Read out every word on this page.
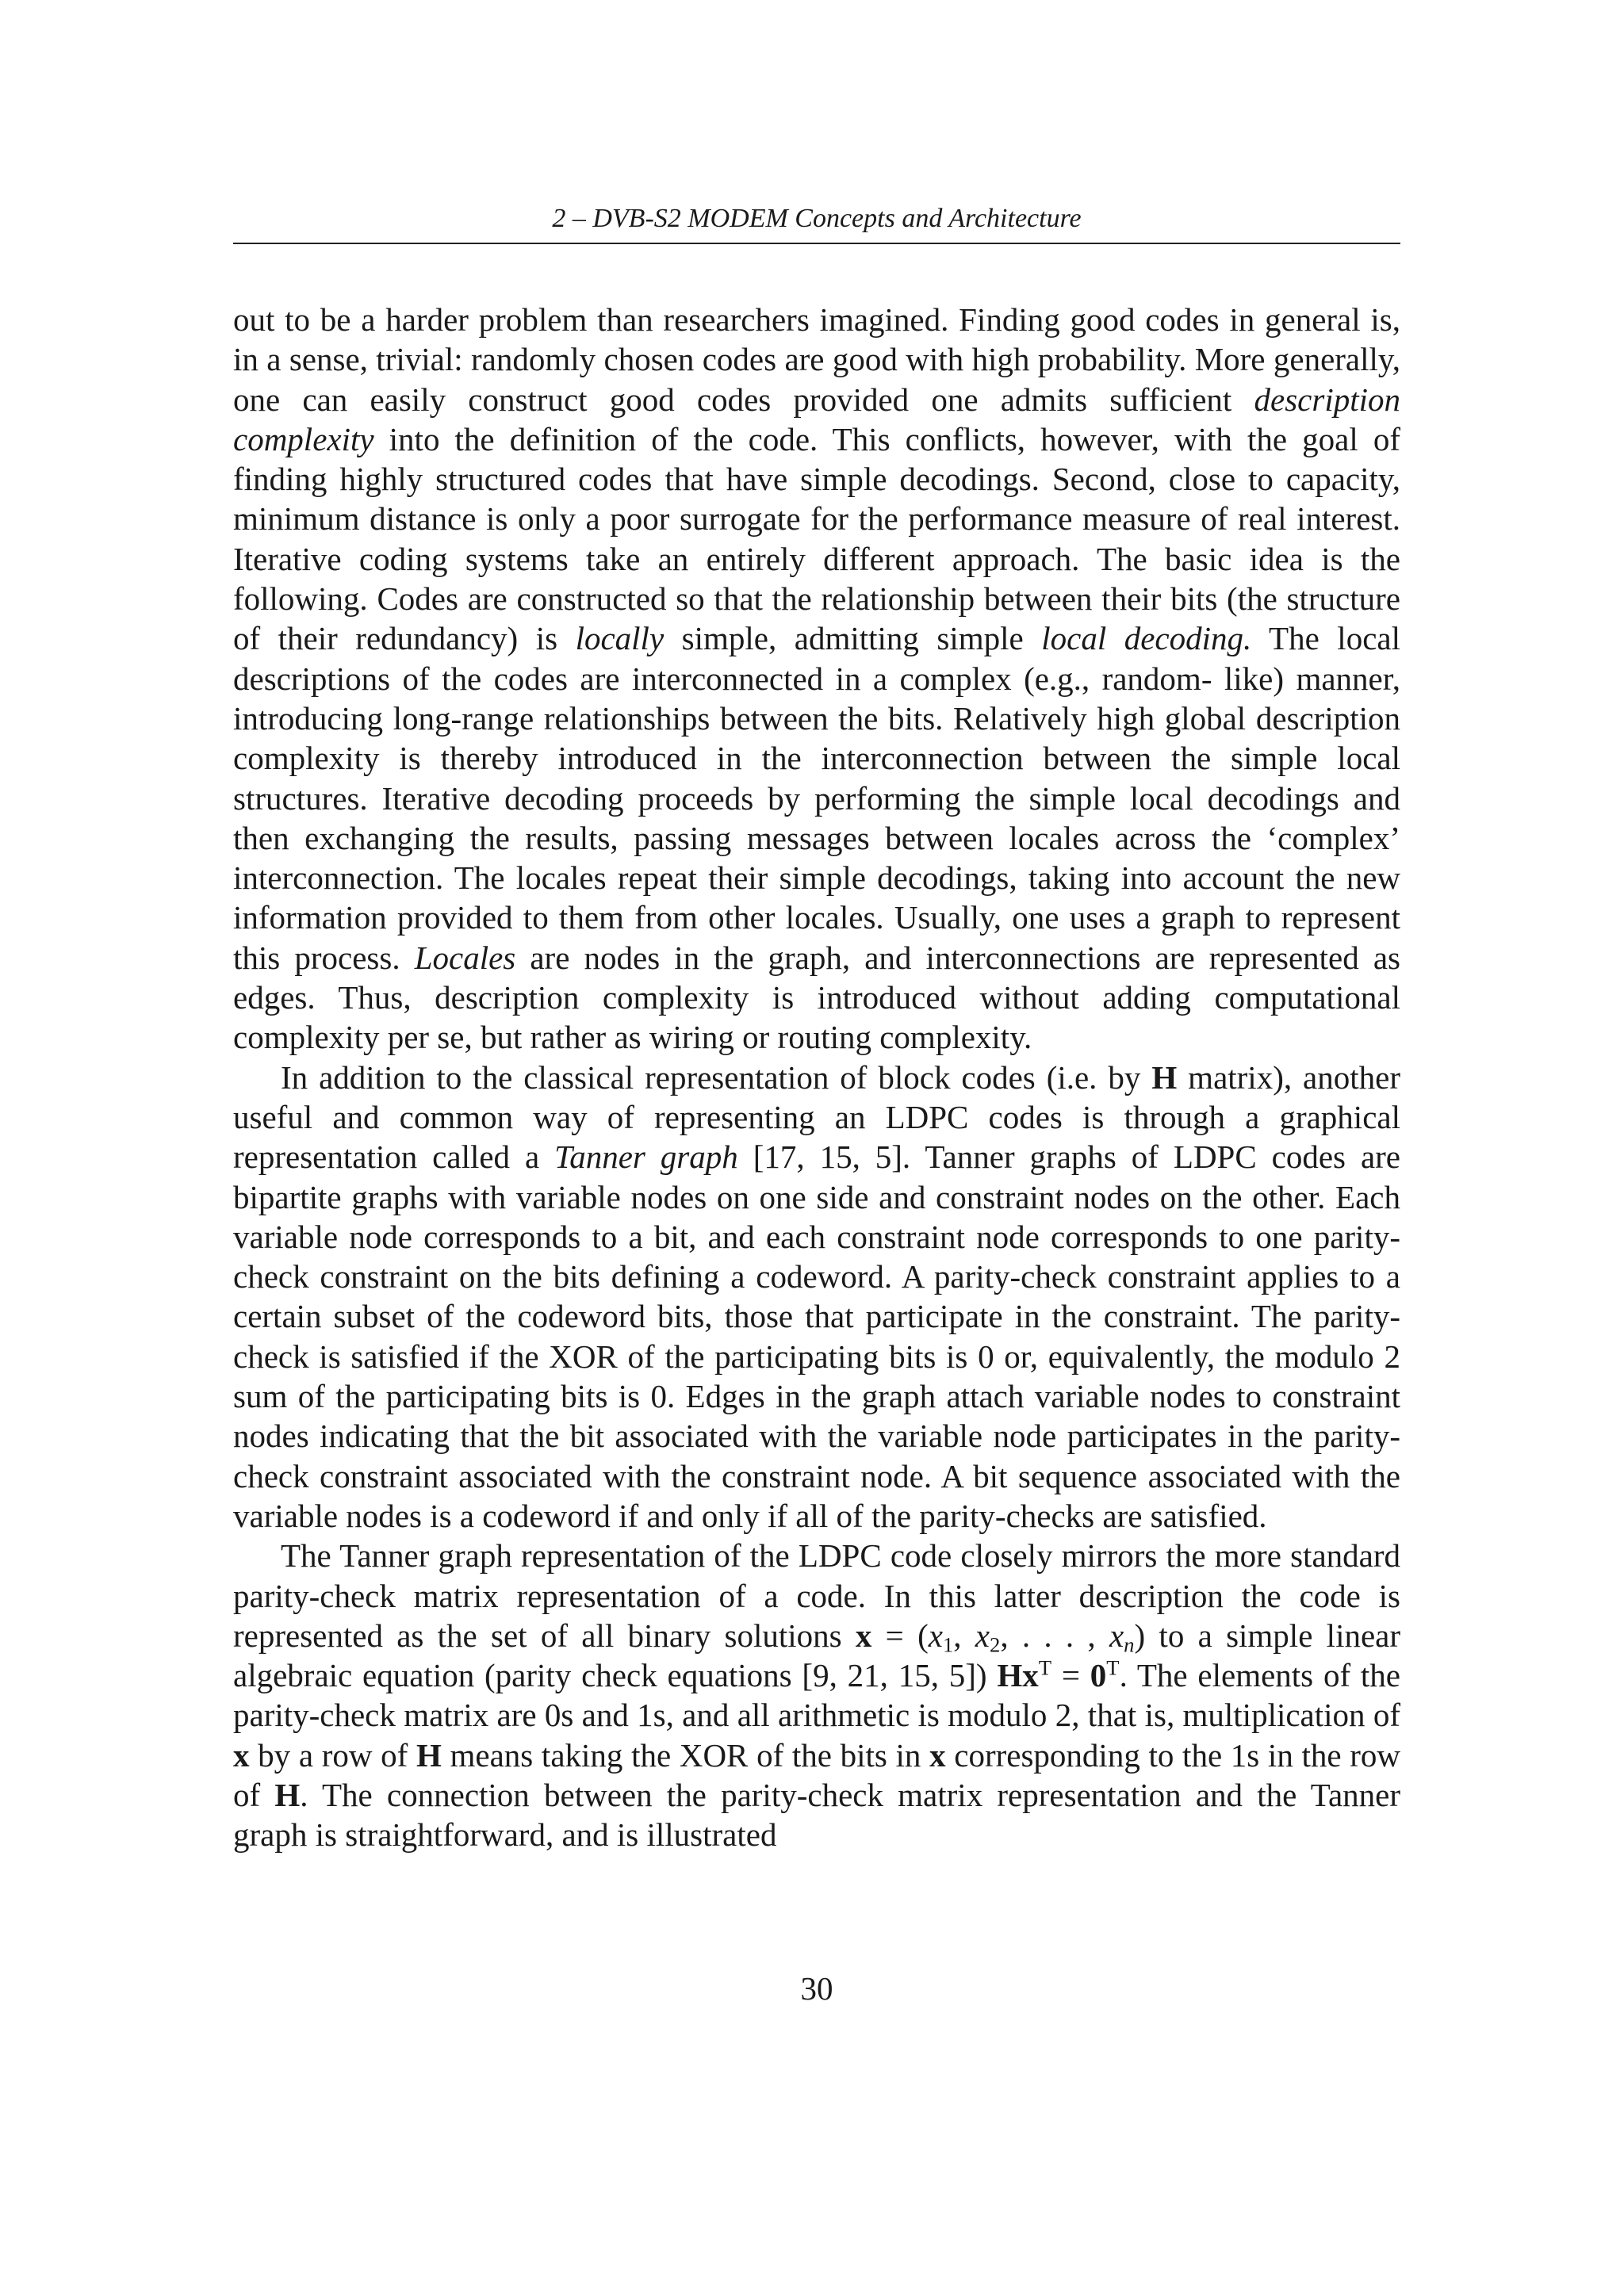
2 – DVB-S2 MODEM Concepts and Architecture

out to be a harder problem than researchers imagined. Finding good codes in general is, in a sense, trivial: randomly chosen codes are good with high probability. More generally, one can easily construct good codes provided one admits sufficient description complexity into the definition of the code. This conflicts, however, with the goal of finding highly structured codes that have simple decodings. Second, close to capacity, minimum distance is only a poor surrogate for the performance measure of real interest. Iterative coding systems take an entirely different approach. The basic idea is the following. Codes are constructed so that the relationship between their bits (the structure of their redundancy) is locally simple, admitting simple local decoding. The local descriptions of the codes are interconnected in a complex (e.g., random- like) manner, introducing long-range relationships between the bits. Relatively high global description complexity is thereby introduced in the interconnection between the simple local structures. Iterative decoding proceeds by performing the simple local decodings and then exchanging the results, passing messages between locales across the ‘complex’ interconnection. The locales repeat their simple decodings, taking into account the new information provided to them from other locales. Usually, one uses a graph to represent this process. Locales are nodes in the graph, and interconnections are represented as edges. Thus, description complexity is introduced without adding computational complexity per se, but rather as wiring or routing complexity.

In addition to the classical representation of block codes (i.e. by H matrix), another useful and common way of representing an LDPC codes is through a graphical representation called a Tanner graph [17, 15, 5]. Tanner graphs of LDPC codes are bipartite graphs with variable nodes on one side and constraint nodes on the other. Each variable node corresponds to a bit, and each constraint node corresponds to one parity-check constraint on the bits defining a codeword. A parity-check constraint applies to a certain subset of the codeword bits, those that participate in the constraint. The parity-check is satisfied if the XOR of the participating bits is 0 or, equivalently, the modulo 2 sum of the participating bits is 0. Edges in the graph attach variable nodes to constraint nodes indicating that the bit associated with the variable node participates in the parity-check constraint associated with the constraint node. A bit sequence associated with the variable nodes is a codeword if and only if all of the parity-checks are satisfied.

The Tanner graph representation of the LDPC code closely mirrors the more standard parity-check matrix representation of a code. In this latter description the code is represented as the set of all binary solutions $x = (x_1$, $x_2$, . . . , $x_n$) to a simple linear algebraic equation (parity check equations [9, 21, 15, 5]) $Hx^T = 0^T$. The elements of the parity-check matrix are 0s and 1s, and all arithmetic is modulo 2, that is, multiplication of x by a row of H means taking the XOR of the bits in x corresponding to the 1s in the row of H. The connection between the parity-check matrix representation and the Tanner graph is straightforward, and is illustrated

30
